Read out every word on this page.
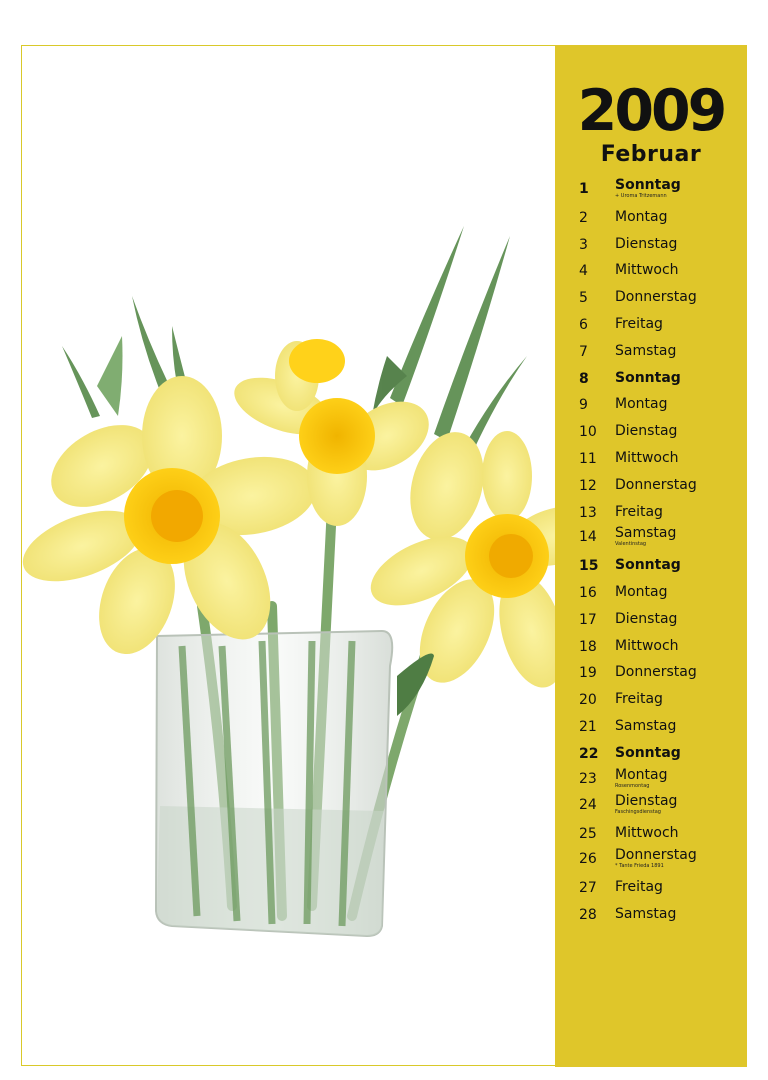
2009
Februar
1 Sonntag
+ Uroma Tritzemann
2 Montag
3 Dienstag
4 Mittwoch
5 Donnerstag
6 Freitag
7 Samstag
8 Sonntag
9 Montag
10 Dienstag
11 Mittwoch
12 Donnerstag
13 Freitag
14 Samstag
Valentinstag
15 Sonntag
16 Montag
17 Dienstag
18 Mittwoch
19 Donnerstag
20 Freitag
21 Samstag
22 Sonntag
23 Montag
Rosenmontag
24 Dienstag
Faschingsdienstag
25 Mittwoch
26 Donnerstag
* Tante Frieda 1891
27 Freitag
28 Samstag
